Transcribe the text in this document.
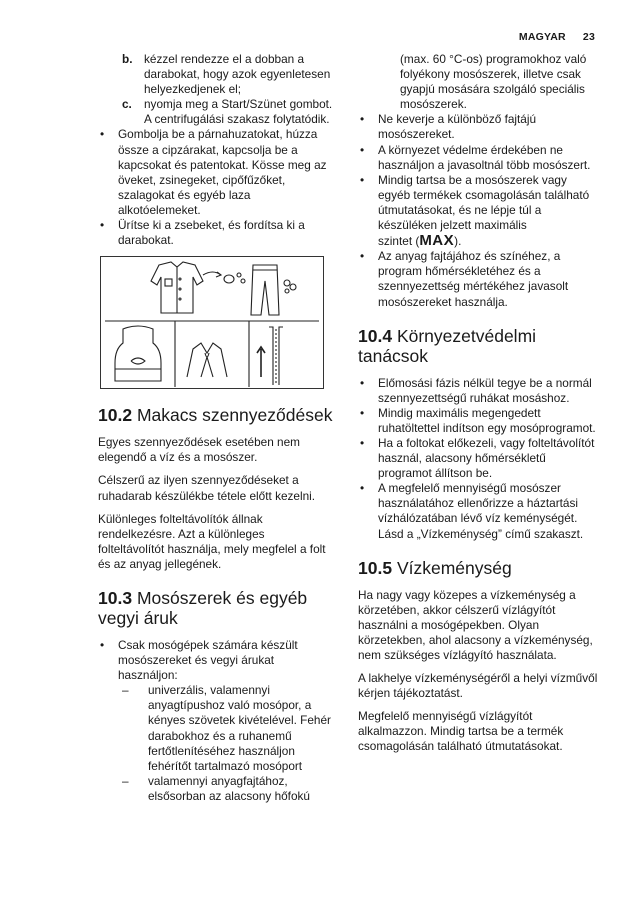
MAGYAR 23
b. kézzel rendezze el a dobban a darabokat, hogy azok egyenletesen helyezkedjenek el;
c. nyomja meg a Start/Szünet gombot. A centrifugálási szakasz folytatódik.
• Gombolja be a párnahuzatokat, húzza össze a cipzárakat, kapcsolja be a kapcsokat és patentokat. Kösse meg az öveket, zsinegeket, cipőfűzőket, szalagokat és egyéb laza alkotóelemeket.
• Ürítse ki a zsebeket, és fordítsa ki a darabokat.
10.2 Makacs szennyeződések

Egyes szennyeződések esetében nem elegendő a víz és a mosószer.

Célszerű az ilyen szennyeződéseket a ruhadarab készülékbe tétele előtt kezelni.

Különleges folteltávolítók állnak rendelkezésre. Azt a különleges folteltávolítót használja, mely megfelel a folt és az anyag jellegének.

10.3 Mosószerek és egyéb vegyi áruk
• Csak mosógépek számára készült mosószereket és vegyi árukat használjon:
– univerzális, valamennyi anyagtípushoz való mosópor, a kényes szövetek kivételével. Fehér darabokhoz és a ruhanemű fertőtlenítéséhez használjon fehérítőt tartalmazó mosóport
– valamennyi anyagfajtához, elsősorban az alacsony hőfokú

(max. 60 °C-os) programokhoz való folyékony mosószerek, illetve csak gyapjú mosására szolgáló speciális mosószerek.

• Ne keverje a különböző fajtájú mosószereket.
• A környezet védelme érdekében ne használjon a javasoltnál több mosószert.
• Mindig tartsa be a mosószerek vagy egyéb termékek csomagolásán található útmutatásokat, és ne lépje túl a készüléken jelzett maximális
szintet (MAX).
• Az anyag fajtájához és színéhez, a program hőmérsékletéhez és a szennyezettség mértékéhez javasolt mosószereket használja.
10.4 Környezetvédelmi tanácsok
• Előmosási fázis nélkül tegye be a normál szennyezettségű ruhákat mosáshoz.
• Mindig maximális megengedett ruhatöltettel indítson egy mosóprogramot.
• Ha a foltokat előkezeli, vagy folteltávolítót használ, alacsony hőmérsékletű programot állítson be.
• A megfelelő mennyiségű mosószer használatához ellenőrizze a háztartási vízhálózatában lévő víz keménységét. Lásd a „Vízkeménység” című szakaszt.
10.5 Vízkeménység

Ha nagy vagy közepes a vízkeménység a körzetében, akkor célszerű vízlágyítót használni a mosógépekben. Olyan körzetekben, ahol alacsony a vízkeménység, nem szükséges vízlágyító használata.

A lakhelye vízkeménységéről a helyi vízművől kérjen tájékoztatást.

Megfelelő mennyiségű vízlágyítót alkalmazzon. Mindig tartsa be a termék csomagolásán található útmutatásokat.
